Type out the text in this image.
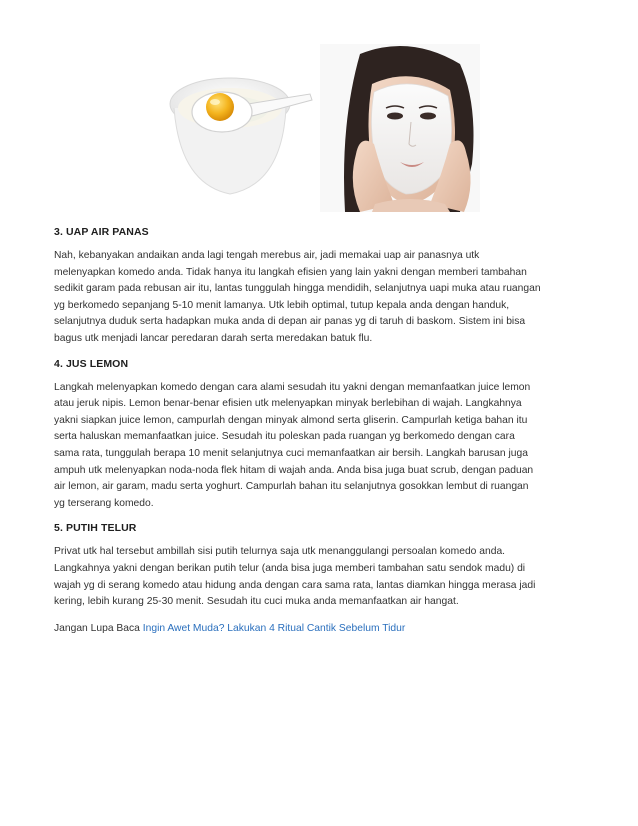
3. UAP AIR PANAS

Nah, kebanyakan andaikan anda lagi tengah merebus air, jadi memakai uap air panasnya utk
melenyapkan komedo anda. Tidak hanya itu langkah efisien yang lain yakni dengan memberi tambahan
sedikit garam pada rebusan air itu, lantas tunggulah hingga mendidih, selanjutnya uapi muka atau ruangan
yg berkomedo sepanjang 5-10 menit lamanya. Utk lebih optimal, tutup kepala anda dengan handuk,
selanjutnya duduk serta hadapkan muka anda di depan air panas yg di taruh di baskom. Sistem ini bisa
bagus utk menjadi lancar peredaran darah serta meredakan batuk flu.

4. JUS LEMON

Langkah melenyapkan komedo dengan cara alami sesudah itu yakni dengan memanfaatkan juice lemon
atau jeruk nipis. Lemon benar-benar efisien utk melenyapkan minyak berlebihan di wajah. Langkahnya
yakni siapkan juice lemon, campurlah dengan minyak almond serta gliserin. Campurlah ketiga bahan itu
serta haluskan memanfaatkan juice. Sesudah itu poleskan pada ruangan yg berkomedo dengan cara
sama rata, tunggulah berapa 10 menit selanjutnya cuci memanfaatkan air bersih. Langkah barusan juga
ampuh utk melenyapkan noda-noda flek hitam di wajah anda. Anda bisa juga buat scrub, dengan paduan
air lemon, air garam, madu serta yoghurt. Campurlah bahan itu selanjutnya gosokkan lembut di ruangan
yg terserang komedo.

5. PUTIH TELUR

Privat utk hal tersebut ambillah sisi putih telurnya saja utk menanggulangi persoalan komedo anda.
Langkahnya yakni dengan berikan putih telur (anda bisa juga memberi tambahan satu sendok madu) di
wajah yg di serang komedo atau hidung anda dengan cara sama rata, lantas diamkan hingga merasa jadi
kering, lebih kurang 25-30 menit. Sesudah itu cuci muka anda memanfaatkan air hangat.

Jangan Lupa Baca Ingin Awet Muda? Lakukan 4 Ritual Cantik Sebelum Tidur
